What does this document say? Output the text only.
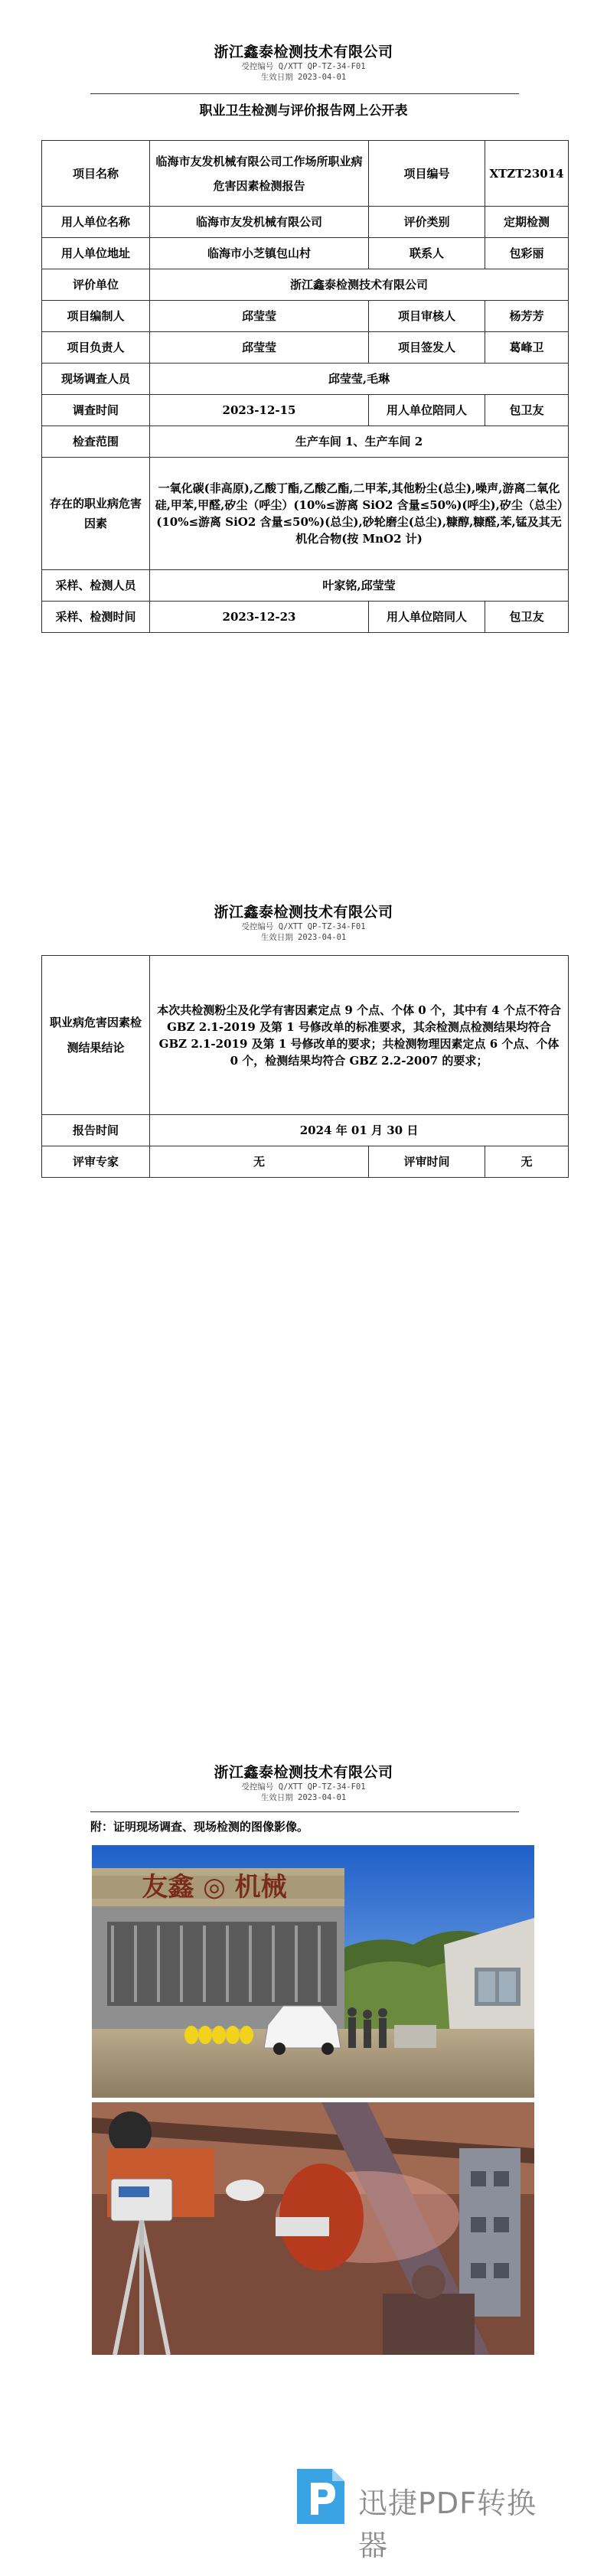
浙江鑫泰检测技术有限公司
受控编号 Q/XTT QP-TZ-34-F01
生效日期 2023-04-01
职业卫生检测与评价报告网上公开表
项目名称	临海市友发机械有限公司工作场所职业病危害因素检测报告	项目编号	XTZT23014
用人单位名称	临海市友发机械有限公司	评价类别	定期检测
用人单位地址	临海市小芝镇包山村	联系人	包彩丽
评价单位	浙江鑫泰检测技术有限公司		
项目编制人	邱莹莹	项目审核人	杨芳芳
项目负责人	邱莹莹	项目签发人	葛峰卫
现场调查人员	邱莹莹,毛琳		
调查时间	2023-12-15	用人单位陪同人	包卫友
检查范围	生产车间 1、生产车间 2		
存在的职业病危害因素	一氧化碳(非高原),乙酸丁酯,乙酸乙酯,二甲苯,其他粉尘(总尘),噪声,游离二氧化硅,甲苯,甲醛,矽尘（呼尘）(10%≤游离 SiO2 含量≤50%)(呼尘),矽尘（总尘）(10%≤游离 SiO2 含量≤50%)(总尘),砂轮磨尘(总尘),糠醇,糠醛,苯,锰及其无机化合物(按 MnO2 计)		
采样、检测人员	叶家铭,邱莹莹		
采样、检测时间	2023-12-23	用人单位陪同人	包卫友
浙江鑫泰检测技术有限公司
受控编号 Q/XTT QP-TZ-34-F01
生效日期 2023-04-01
职业病危害因素检测结果结论	本次共检测粉尘及化学有害因素定点 9 个点、个体 0 个，其中有 4 个点不符合 GBZ 2.1-2019 及第 1 号修改单的标准要求，其余检测点检测结果均符合 GBZ 2.1-2019 及第 1 号修改单的要求；共检测物理因素定点 6 个点、个体 0 个，检测结果均符合 GBZ 2.2-2007 的要求；		
报告时间	2024 年 01 月 30 日		
评审专家	无	评审时间	无
浙江鑫泰检测技术有限公司
受控编号 Q/XTT QP-TZ-34-F01
生效日期 2023-04-01
附：证明现场调查、现场检测的图像影像。
友鑫 ◎ 机械
迅捷PDF转换器
